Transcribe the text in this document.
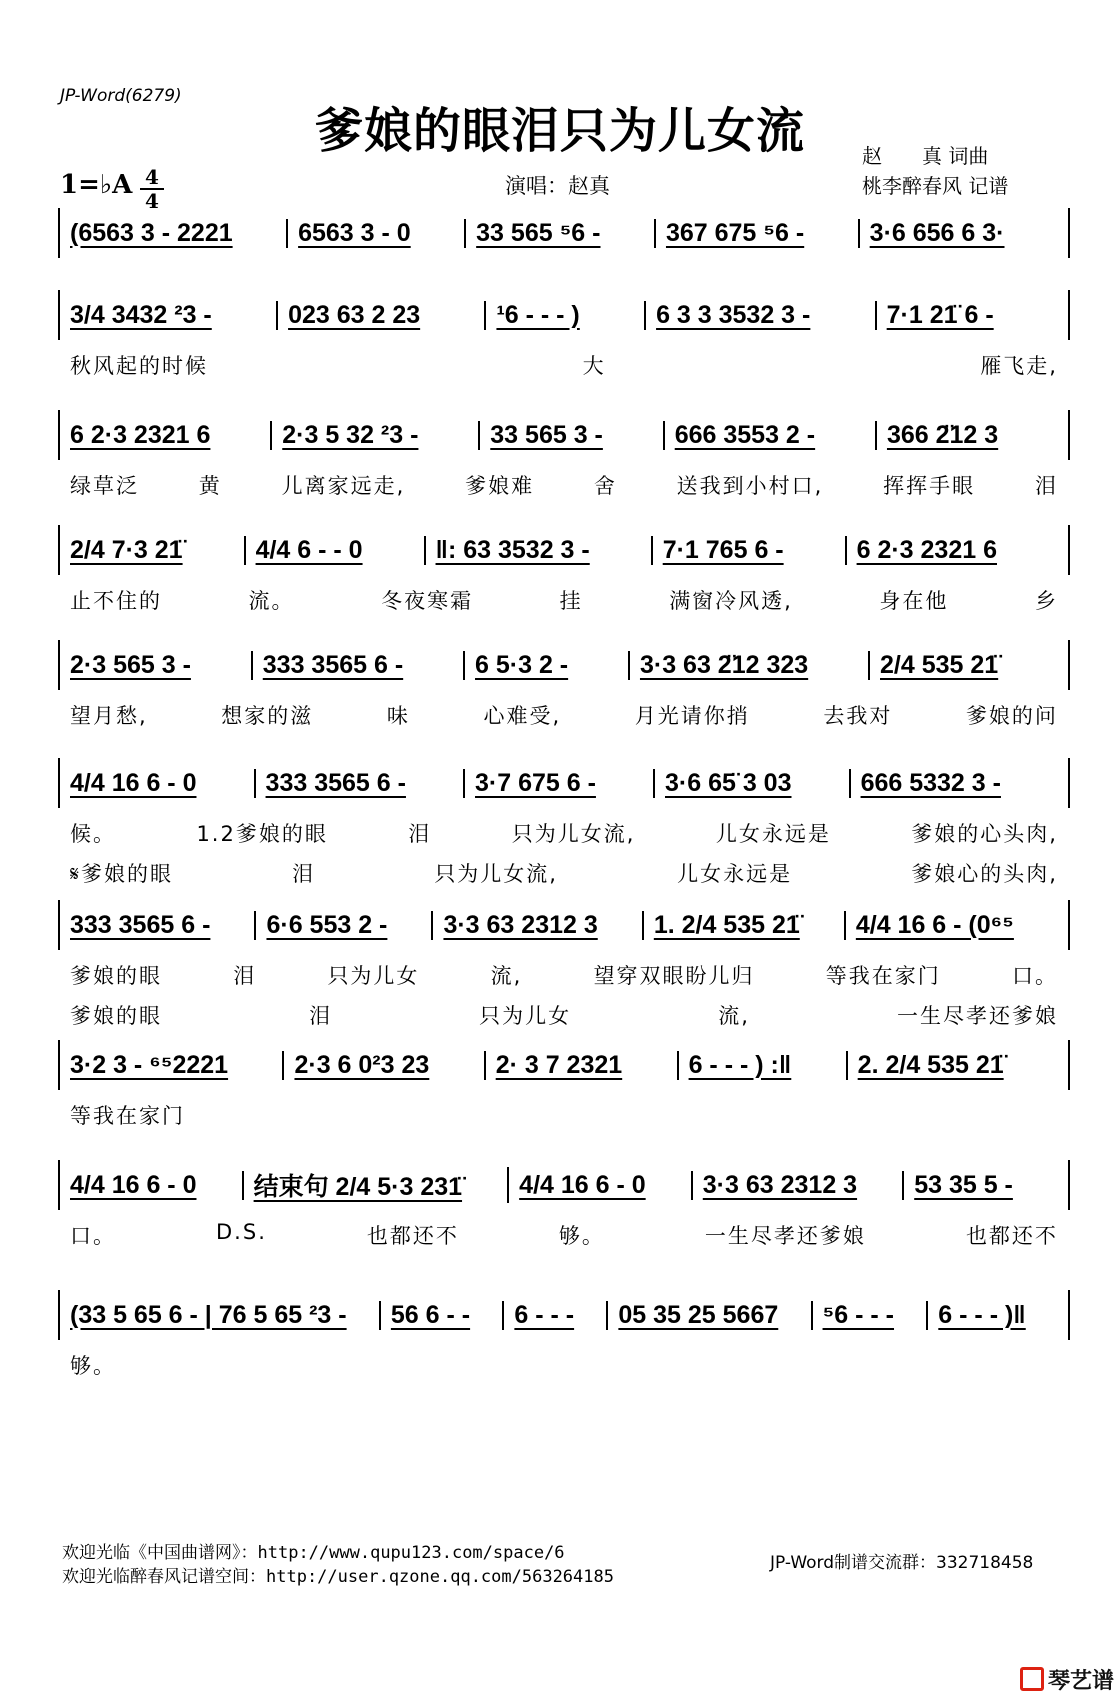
JP-Word(6279)
爹娘的眼泪只为儿女流	赵　　真 词曲
桃李醉春风 记谱
1=♭A 4
4
演唱：赵真
(6563 3 - 2221	6563 3 - 0	33 565 ⁵6 -	367 675 ⁵6 -	3·6 656 6 3·
3/4 3432 ²3 -	023 63 2 23	¹6 - - - )	6 3 3 3532 3 -	7·1 21̈ 6 -
秋风起的时候	大	雁飞走,
6 2·3 2321 6	2·3 5 32 ²3 -	33 565 3 -	666 3553 2 -	366 2̈12 3
绿草泛	黄	儿离家远走,	爹娘难	舍	送我到小村口,	挥挥手眼	泪
2/4 7·3 21̈	4/4 6 - - 0	‖: 63 3532 3 -	7·1 765 6 -	6 2·3 2321 6
止不住的	流。	冬夜寒霜	挂	满窗冷风透,	身在他	乡
2·3 565 3 -	333 3565 6 -	6 5·3 2 -	3·3 63 2̈12 323	2/4 535 21̈
望月愁,	想家的滋	味	心难受,	月光请你捎	去我对	爹娘的问
4/4 16 6 - 0	333 3565 6 -	3·7 675 6 -	3·6 65̈ 3 03	666 5332 3 -
候。	1.2爹娘的眼	泪	只为儿女流,	儿女永远是	爹娘的心头肉,
𝄋爹娘的眼	泪	只为儿女流,	儿女永远是	爹娘心的头肉,
333 3565 6 -	6·6 553 2 -	3·3 63 2312 3	1. 2/4 535 21̈	4/4 16 6 - (0⁶⁵
爹娘的眼	泪	只为儿女	流,	望穿双眼盼儿归	等我在家门	口。
爹娘的眼	泪	只为儿女	流,	一生尽孝还爹娘
3·2 3 - ⁶⁵2221	2·3 6 0²3 23	2· 3 7 2321	6 - - - ) :‖	2. 2/4 535 21̈
等我在家门
4/4 16 6 - 0	结束句 2/4 5·3 231̈	4/4 16 6 - 0	3·3 63 2312 3	53 35 5 -
口。	D.S.	也都还不	够。	一生尽孝还爹娘	也都还不
(33 5 65 6 - | 76 5 65 ²3 -	56 6 - -	6 - - -	05 35 25 5667	⁵6 - - -	6 - - - )‖
够。
欢迎光临《中国曲谱网》：http://www.qupu123.com/space/6
欢迎光临醉春风记谱空间：http://user.qzone.qq.com/563264185
JP-Word制谱交流群：332718458
琴艺谱
